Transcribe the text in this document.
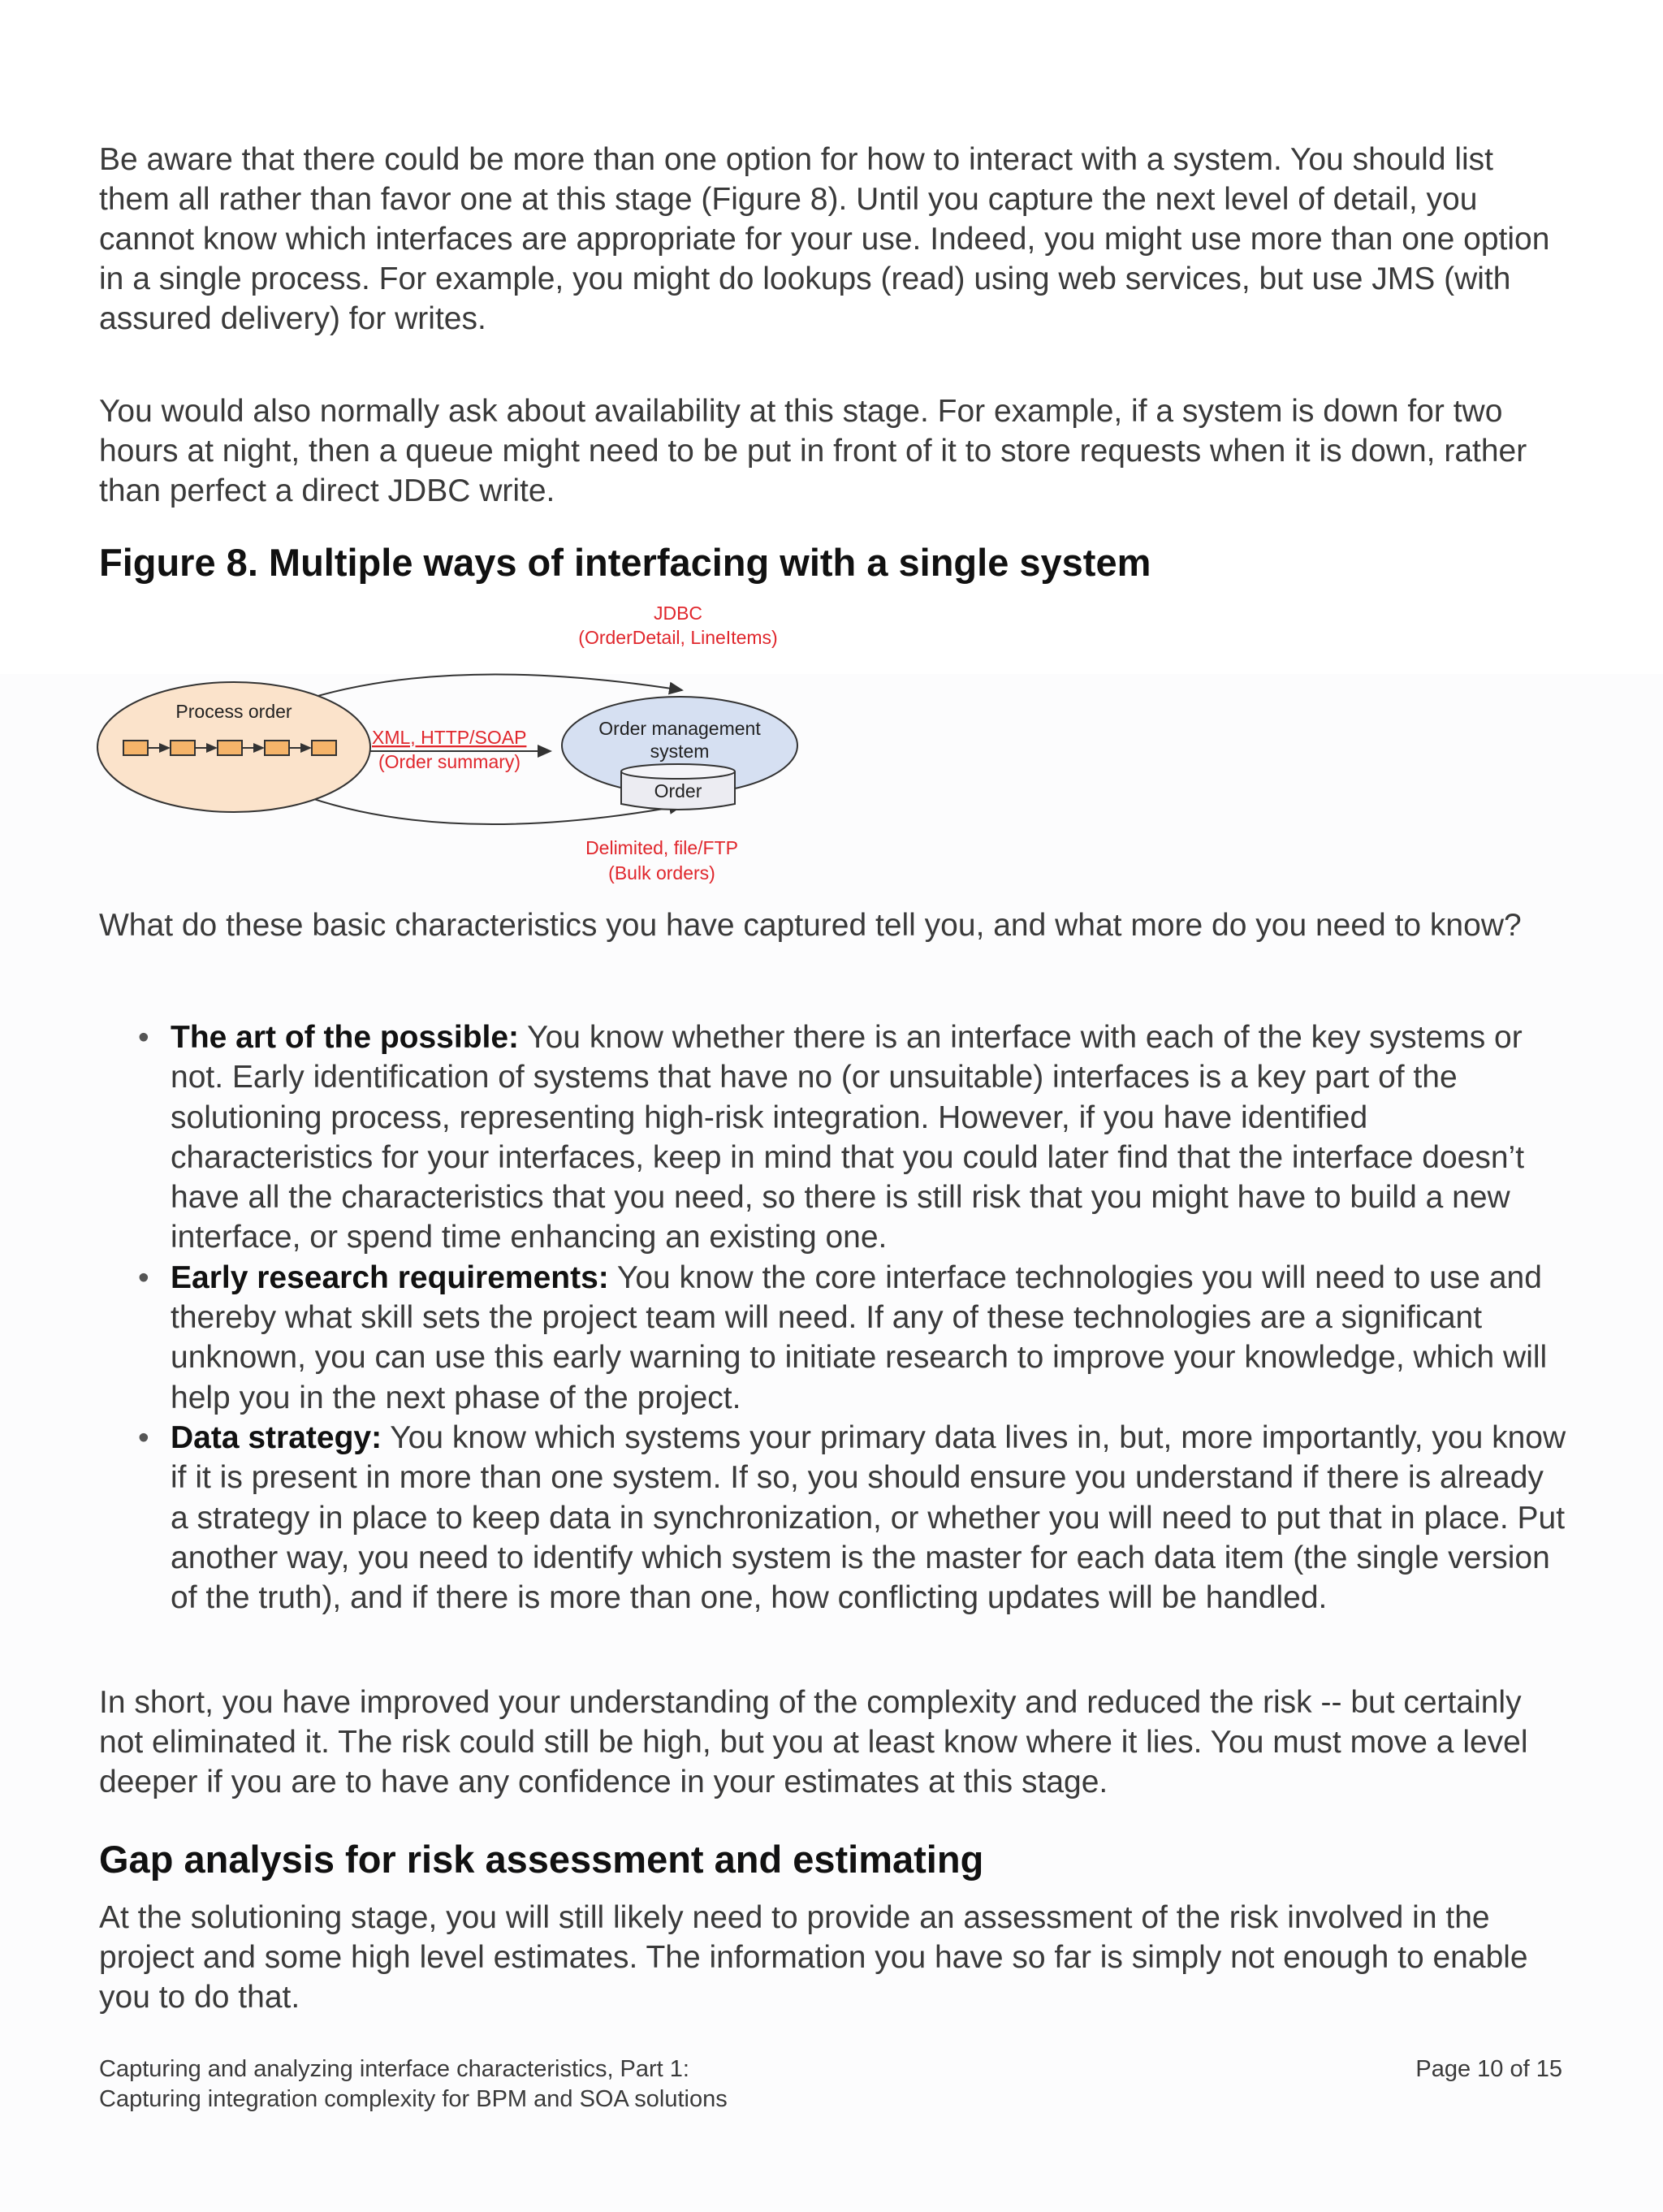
Be aware that there could be more than one option for how to interact with a system. You should list them all rather than favor one at this stage (Figure 8). Until you capture the next level of detail, you cannot know which interfaces are appropriate for your use. Indeed, you might use more than one option in a single process. For example, you might do lookups (read) using web services, but use JMS (with assured delivery) for writes.

You would also normally ask about availability at this stage. For example, if a system is down for two hours at night, then a queue might need to be put in front of it to store requests when it is down, rather than perfect a direct JDBC write.

Figure 8. Multiple ways of interfacing with a single system
Process order
Order management
system
Order
JDBC
(OrderDetail, LineItems)
XML, HTTP/SOAP
(Order summary)
Delimited, file/FTP
(Bulk orders)

What do these basic characteristics you have captured tell you, and what more do you need to know?

• The art of the possible: You know whether there is an interface with each of the key systems or not. Early identification of systems that have no (or unsuitable) interfaces is a key part of the solutioning process, representing high-risk integration. However, if you have identified characteristics for your interfaces, keep in mind that you could later find that the interface doesn’t have all the characteristics that you need, so there is still risk that you might have to build a new interface, or spend time enhancing an existing one.
• Early research requirements: You know the core interface technologies you will need to use and thereby what skill sets the project team will need. If any of these technologies are a significant unknown, you can use this early warning to initiate research to improve your knowledge, which will help you in the next phase of the project.
• Data strategy: You know which systems your primary data lives in, but, more importantly, you know if it is present in more than one system. If so, you should ensure you understand if there is already a strategy in place to keep data in synchronization, or whether you will need to put that in place. Put another way, you need to identify which system is the master for each data item (the single version of the truth), and if there is more than one, how conflicting updates will be handled.

In short, you have improved your understanding of the complexity and reduced the risk -- but certainly not eliminated it. The risk could still be high, but you at least know where it lies. You must move a level deeper if you are to have any confidence in your estimates at this stage.

Gap analysis for risk assessment and estimating

At the solutioning stage, you will still likely need to provide an assessment of the risk involved in the project and some high level estimates. The information you have so far is simply not enough to enable you to do that.

Capturing and analyzing interface characteristics, Part 1:
Capturing integration complexity for BPM and SOA solutions
Page 10 of 15
